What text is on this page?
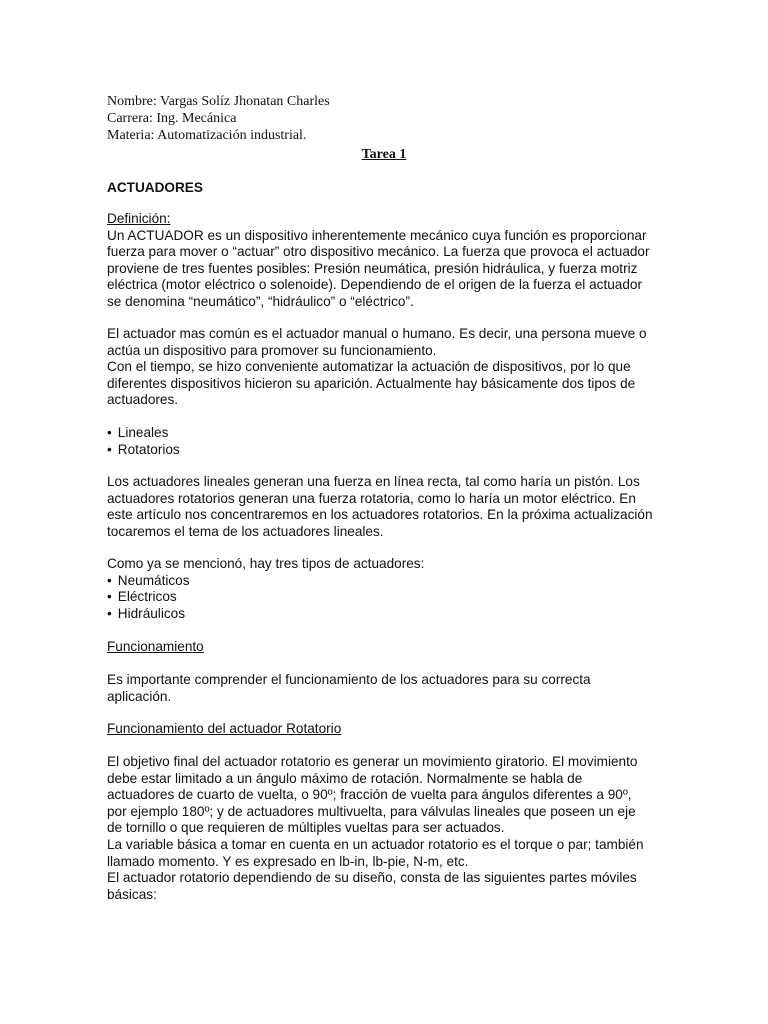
Nombre: Vargas Solíz Jhonatan Charles
Carrera: Ing. Mecánica
Materia: Automatización industrial.
Tarea 1
ACTUADORES
Definición:
Un ACTUADOR es un dispositivo inherentemente mecánico cuya función es proporcionar
fuerza para mover o “actuar” otro dispositivo mecánico. La fuerza que provoca el actuador
proviene de tres fuentes posibles: Presión neumática, presión hidráulica, y fuerza motriz
eléctrica (motor eléctrico o solenoide). Dependiendo de el origen de la fuerza el actuador
se denomina “neumático”, “hidráulico” o “eléctrico”.
El actuador mas común es el actuador manual o humano. Es decir, una persona mueve o
actúa un dispositivo para promover su funcionamiento.
Con el tiempo, se hizo conveniente automatizar la actuación de dispositivos, por lo que
diferentes dispositivos hicieron su aparición. Actualmente hay básicamente dos tipos de
actuadores.
• Lineales
• Rotatorios
Los actuadores lineales generan una fuerza en línea recta, tal como haría un pistón. Los
actuadores rotatorios generan una fuerza rotatoria, como lo haría un motor eléctrico. En
este artículo nos concentraremos en los actuadores rotatorios. En la próxima actualización
tocaremos el tema de los actuadores lineales.
Como ya se mencionó, hay tres tipos de actuadores:
• Neumáticos
• Eléctricos
• Hidráulicos
Funcionamiento
Es importante comprender el funcionamiento de los actuadores para su correcta
aplicación.
Funcionamiento del actuador Rotatorio
El objetivo final del actuador rotatorio es generar un movimiento giratorio. El movimiento
debe estar limitado a un ángulo máximo de rotación. Normalmente se habla de
actuadores de cuarto de vuelta, o 90º; fracción de vuelta para ángulos diferentes a 90º,
por ejemplo 180º; y de actuadores multivuelta, para válvulas lineales que poseen un eje
de tornillo o que requieren de múltiples vueltas para ser actuados.
La variable básica a tomar en cuenta en un actuador rotatorio es el torque o par; también
llamado momento. Y es expresado en lb-in, lb-pie, N-m, etc.
El actuador rotatorio dependiendo de su diseño, consta de las siguientes partes móviles
básicas:
